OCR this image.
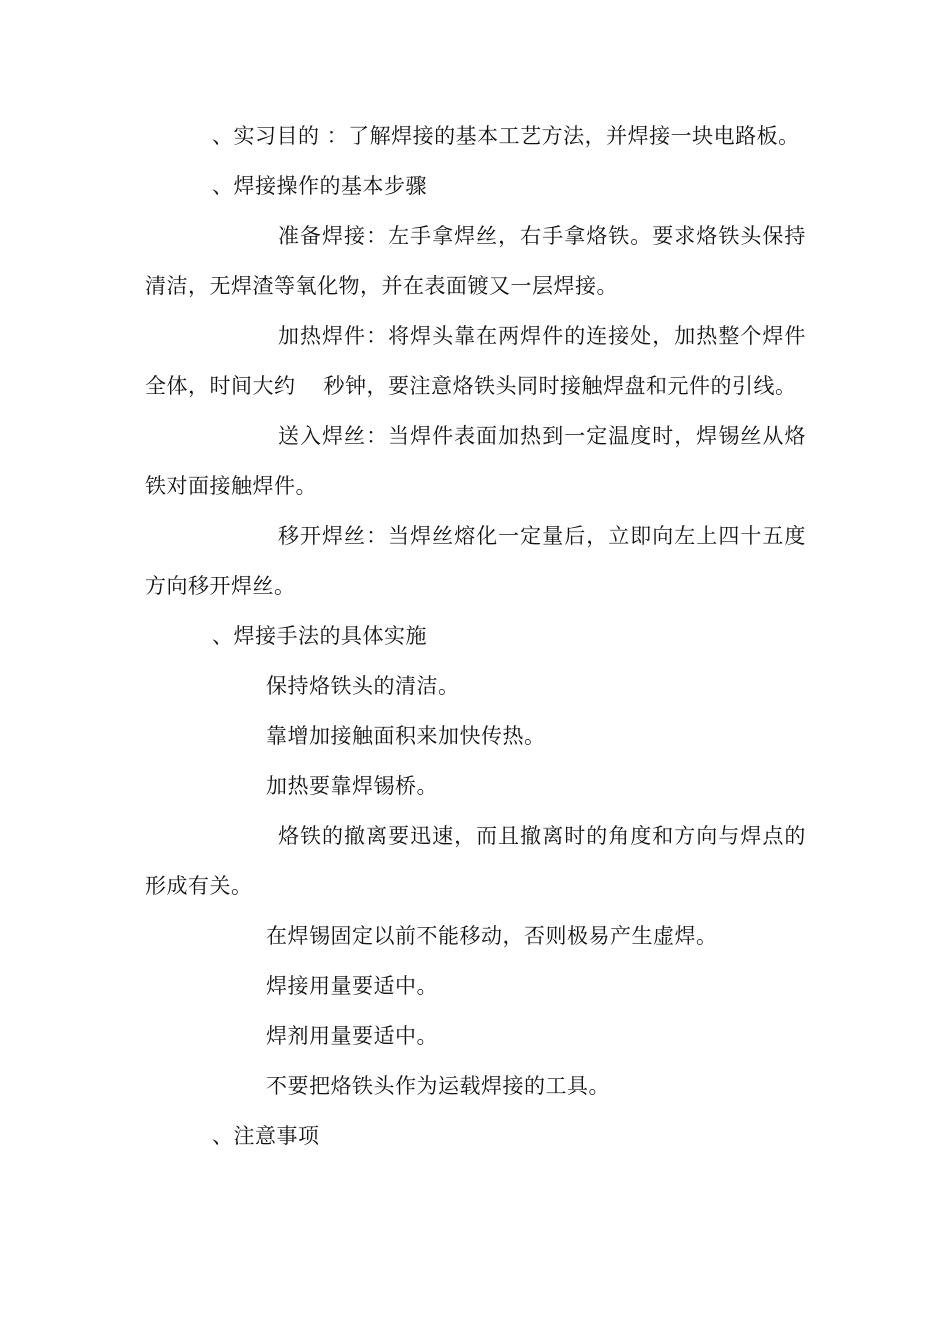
、实习目的 ：了解焊接的基本工艺方法，并焊接一块电路板。
、焊接操作的基本步骤
准 备 焊 接 ： 左 手 拿 焊 丝 ， 右 手 拿 烙 铁 。 要 求 烙 铁 头 保 持
清洁，无焊渣等氧化物，并在表面镀又一层焊接。
加 热 焊 件 ： 将 焊 头 靠 在 两 焊 件 的 连 接 处 ， 加 热 整 个 焊 件
全体，时间大约 秒钟，要注意烙铁头同时接触焊盘和元件的引线。
送 入 焊 丝 ： 当 焊 件 表 面 加 热 到 一 定 温 度 时 ， 焊 锡 丝 从 烙
铁对面接触焊件。
移 开 焊 丝 ： 当 焊 丝 熔 化 一 定 量 后 ， 立 即 向 左 上 四 十 五 度
方向移开焊丝。
、焊接手法的具体实施
保持烙铁头的清洁。
靠增加接触面积来加快传热。
加热要靠焊锡桥。
烙 铁 的 撤 离 要 迅 速 ， 而 且 撤 离 时 的 角 度 和 方 向 与 焊 点 的
形成有关。
在焊锡固定以前不能移动，否则极易产生虚焊。
焊接用量要适中。
焊剂用量要适中。
不要把烙铁头作为运载焊接的工具。
、注意事项
